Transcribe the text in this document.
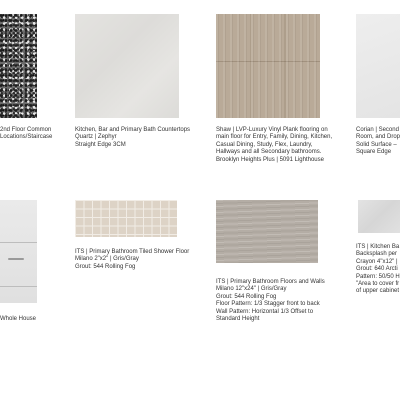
2nd Floor Common
Locations/Staircase
Kitchen, Bar and Primary Bath Countertops
Quartz | Zephyr
Straight Edge 3CM
Shaw | LVP-Luxury Vinyl Plank flooring on
main floor for Entry, Family, Dining, Kitchen,
Casual Dining, Study, Flex, Laundry,
Hallways and all Secondary bathrooms.
Brooklyn Heights Plus | 5091 Lighthouse
Corian | Second
Room, and Drop
Solid Surface –
Square Edge
Whole House
ITS | Primary Bathroom Tiled Shower Floor
Milano 2"x2" | Gris/Gray
Grout: 544 Rolling Fog
ITS | Primary Bathroom Floors and Walls
Milano 12"x24" | Gris/Gray
Grout: 544 Rolling Fog
Floor Pattern: 1/3 Stagger front to back
Wall Pattern: Horizontal 1/3 Offset to
Standard Height
ITS | Kitchen Ba
Backsplash per
Crayon 4"x12" |
Grout: 640 Arcti
Pattern: 50/50 H
"Area to cover fr
of upper cabinet
